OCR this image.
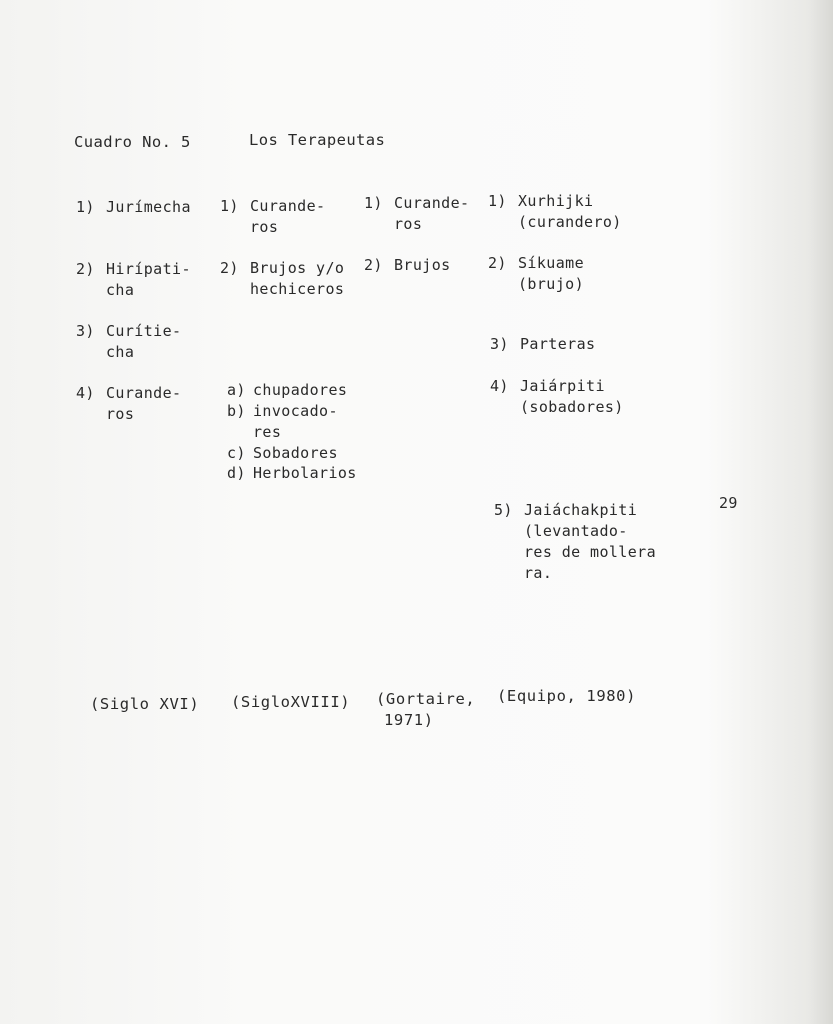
Cuadro No. 5	Los Terapeutas
29
1) Jurímecha
2) Hirípati-
cha
3) Curítie-
cha
4) Curande-
ros
1) Curande-
ros
2) Brujos y/o
hechiceros
a) chupadores
b) invocado-
res
c) Sobadores
d) Herbolarios
1) Curande-
ros
2) Brujos
1) Xurhijki
(curandero)
2) Síkuame
(brujo)
3) Parteras
4) Jaiárpiti
(sobadores)
5) Jaiáchakpiti
(levantado-
res de mollera
ra.
(Siglo XVI) (SigloXVIII) (Gortaire,
1971)
(Equipo, 1980)
